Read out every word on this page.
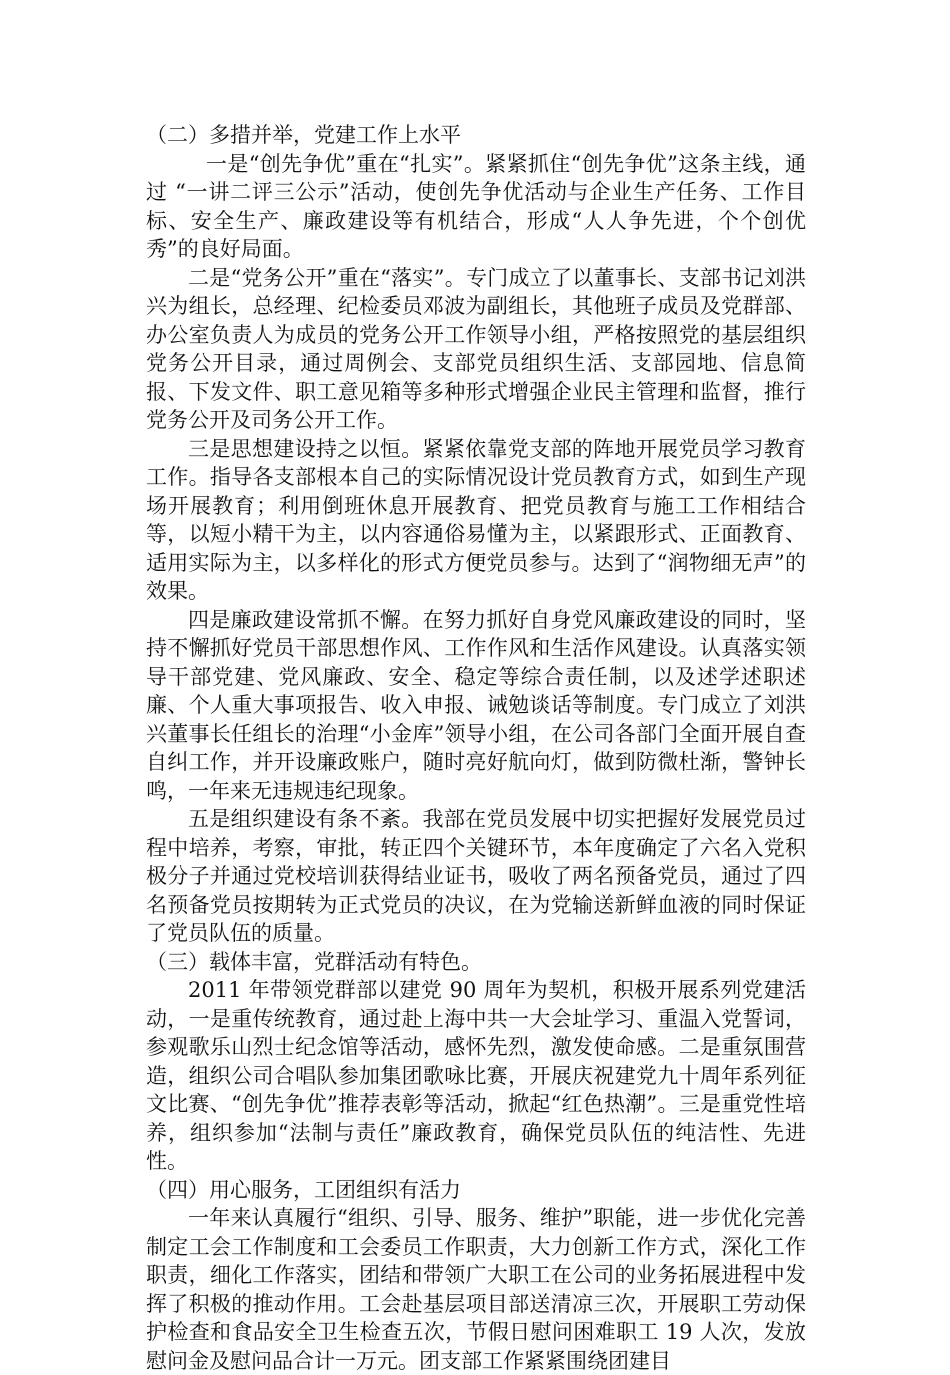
（二）多措并举，党建工作上水平

一是“创先争优”重在“扎实”。紧紧抓住“创先争优”这条主线，通过 “一讲二评三公示”活动，使创先争优活动与企业生产任务、工作目标、安全生产、廉政建设等有机结合，形成“人人争先进，个个创优秀”的良好局面。

二是“党务公开”重在“落实”。专门成立了以董事长、支部书记刘洪兴为组长，总经理、纪检委员邓波为副组长，其他班子成员及党群部、办公室负责人为成员的党务公开工作领导小组，严格按照党的基层组织党务公开目录，通过周例会、支部党员组织生活、支部园地、信息简报、下发文件、职工意见箱等多种形式增强企业民主管理和监督，推行党务公开及司务公开工作。

三是思想建设持之以恒。紧紧依靠党支部的阵地开展党员学习教育工作。指导各支部根本自己的实际情况设计党员教育方式，如到生产现场开展教育；利用倒班休息开展教育、把党员教育与施工工作相结合等，以短小精干为主，以内容通俗易懂为主，以紧跟形式、正面教育、适用实际为主，以多样化的形式方便党员参与。达到了“润物细无声”的效果。

四是廉政建设常抓不懈。在努力抓好自身党风廉政建设的同时，坚持不懈抓好党员干部思想作风、工作作风和生活作风建设。认真落实领导干部党建、党风廉政、安全、稳定等综合责任制，以及述学述职述廉、个人重大事项报告、收入申报、诫勉谈话等制度。专门成立了刘洪兴董事长任组长的治理“小金库”领导小组，在公司各部门全面开展自查自纠工作，并开设廉政账户，随时亮好航向灯，做到防微杜渐，警钟长鸣，一年来无违规违纪现象。

五是组织建设有条不紊。我部在党员发展中切实把握好发展党员过程中培养，考察，审批，转正四个关键环节，本年度确定了六名入党积极分子并通过党校培训获得结业证书，吸收了两名预备党员，通过了四名预备党员按期转为正式党员的决议，在为党输送新鲜血液的同时保证了党员队伍的质量。

（三）载体丰富，党群活动有特色。

2011 年带领党群部以建党 90 周年为契机，积极开展系列党建活动，一是重传统教育，通过赴上海中共一大会址学习、重温入党誓词，参观歌乐山烈士纪念馆等活动，感怀先烈，激发使命感。二是重氛围营造，组织公司合唱队参加集团歌咏比赛，开展庆祝建党九十周年系列征文比赛、“创先争优”推荐表彰等活动，掀起“红色热潮”。三是重党性培养，组织参加“法制与责任”廉政教育，确保党员队伍的纯洁性、先进性。

（四）用心服务，工团组织有活力

一年来认真履行“组织、引导、服务、维护”职能，进一步优化完善制定工会工作制度和工会委员工作职责，大力创新工作方式，深化工作职责，细化工作落实，团结和带领广大职工在公司的业务拓展进程中发挥了积极的推动作用。工会赴基层项目部送清凉三次，开展职工劳动保护检查和食品安全卫生检查五次，节假日慰问困难职工 19 人次，发放慰问金及慰问品合计一万元。团支部工作紧紧围绕团建目
